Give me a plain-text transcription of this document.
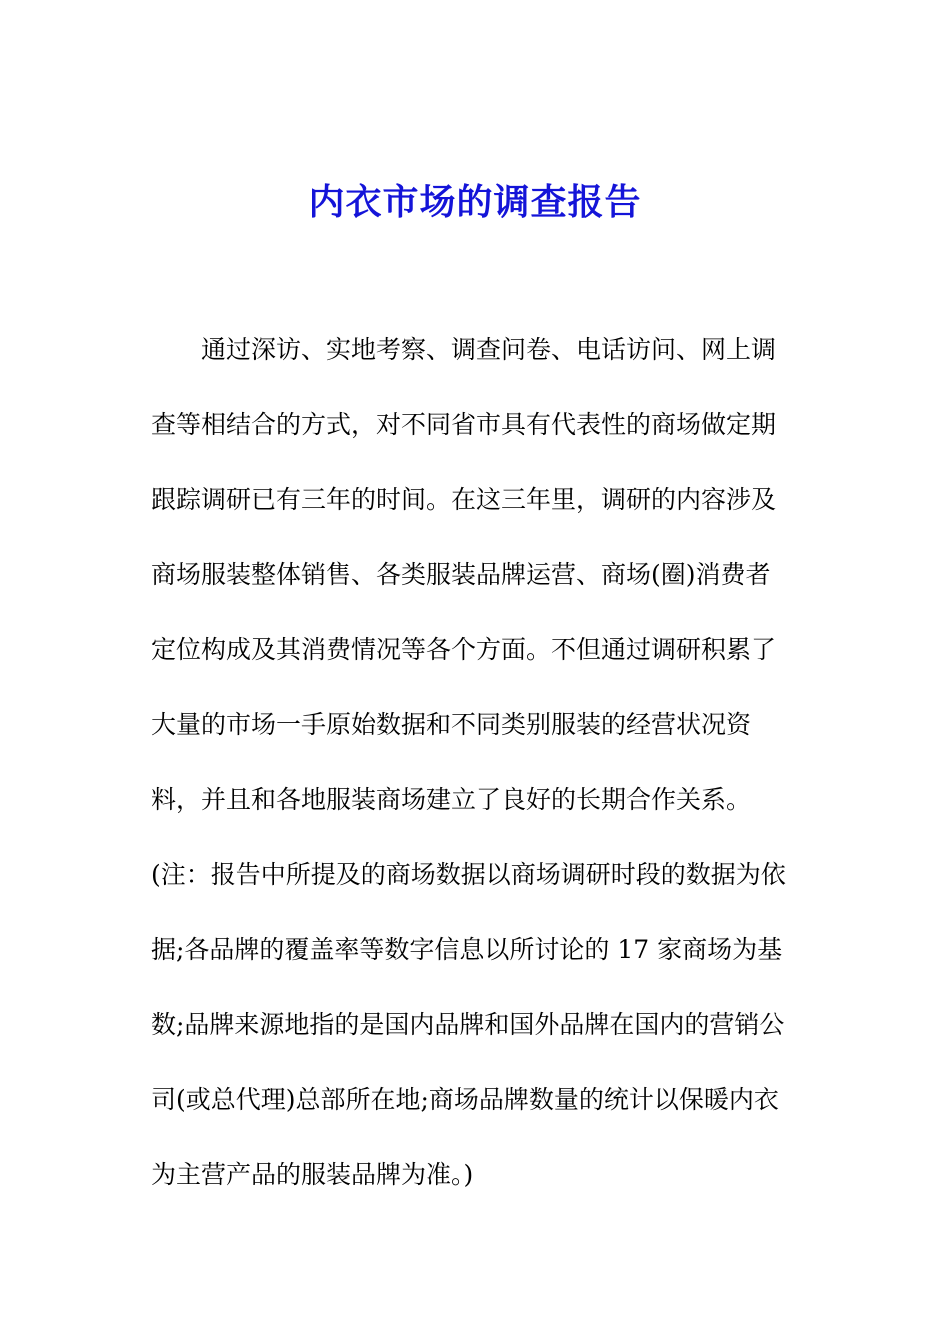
内衣市场的调查报告
通过深访、实地考察、调查问卷、电话访问、网上调
查等相结合的方式，对不同省市具有代表性的商场做定期
跟踪调研已有三年的时间。在这三年里，调研的内容涉及
商场服装整体销售、各类服装品牌运营、商场(圈)消费者
定位构成及其消费情况等各个方面。不但通过调研积累了
大量的市场一手原始数据和不同类别服装的经营状况资
料，并且和各地服装商场建立了良好的长期合作关系。
(注：报告中所提及的商场数据以商场调研时段的数据为依
据;各品牌的覆盖率等数字信息以所讨论的 17 家商场为基
数;品牌来源地指的是国内品牌和国外品牌在国内的营销公
司(或总代理)总部所在地;商场品牌数量的统计以保暖内衣
为主营产品的服装品牌为准。)
